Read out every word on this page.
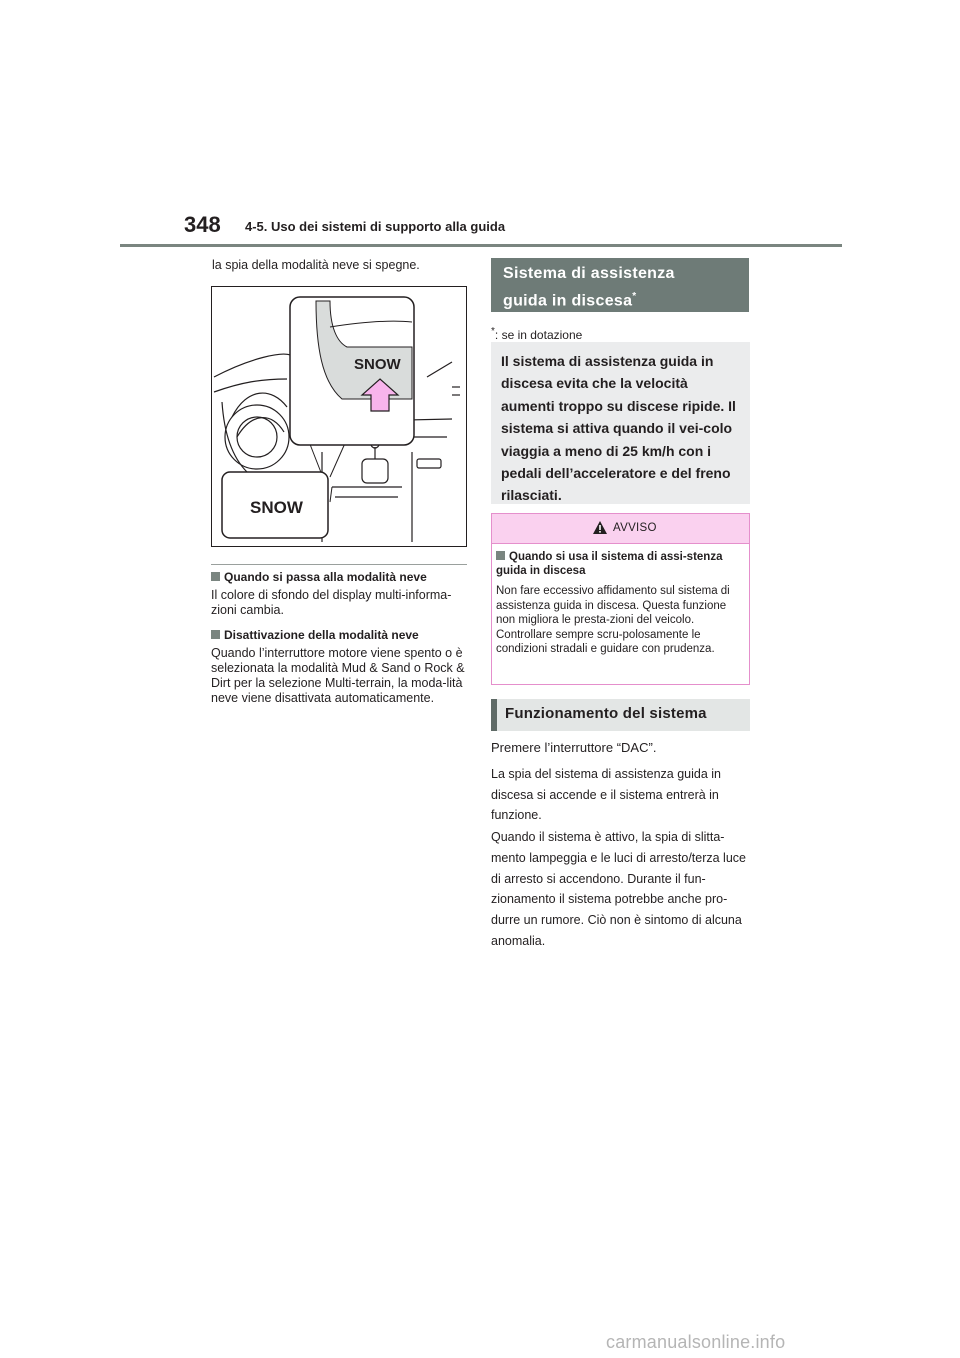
348 4-5. Uso dei sistemi di supporto alla guida
la spia della modalità neve si spegne.
SNOW
SNOW
Quando si passa alla modalità neve
Il colore di sfondo del display multi-informa-zioni cambia.
Disattivazione della modalità neve
Quando l’interruttore motore viene spento o è selezionata la modalità Mud & Sand o Rock & Dirt per la selezione Multi-terrain, la moda-lità neve viene disattivata automaticamente.
Sistema di assistenza
guida in discesa*
*: se in dotazione
Il sistema di assistenza guida in discesa evita che la velocità aumenti troppo su discese ripide. Il sistema si attiva quando il vei-colo viaggia a meno di 25 km/h con i pedali dell’acceleratore e del freno rilasciati.
AVVISO
Quando si usa il sistema di assi-stenza guida in discesa
Non fare eccessivo affidamento sul sistema di assistenza guida in discesa. Questa funzione non migliora le presta-zioni del veicolo. Controllare sempre scru-polosamente le condizioni stradali e guidare con prudenza.
Funzionamento del sistema
Premere l’interruttore “DAC”.
La spia del sistema di assistenza guida in discesa si accende e il sistema entrerà in funzione.
Quando il sistema è attivo, la spia di slitta-mento lampeggia e le luci di arresto/terza luce di arresto si accendono. Durante il fun-zionamento il sistema potrebbe anche pro-durre un rumore. Ciò non è sintomo di alcuna anomalia.
carmanualsonline.info
